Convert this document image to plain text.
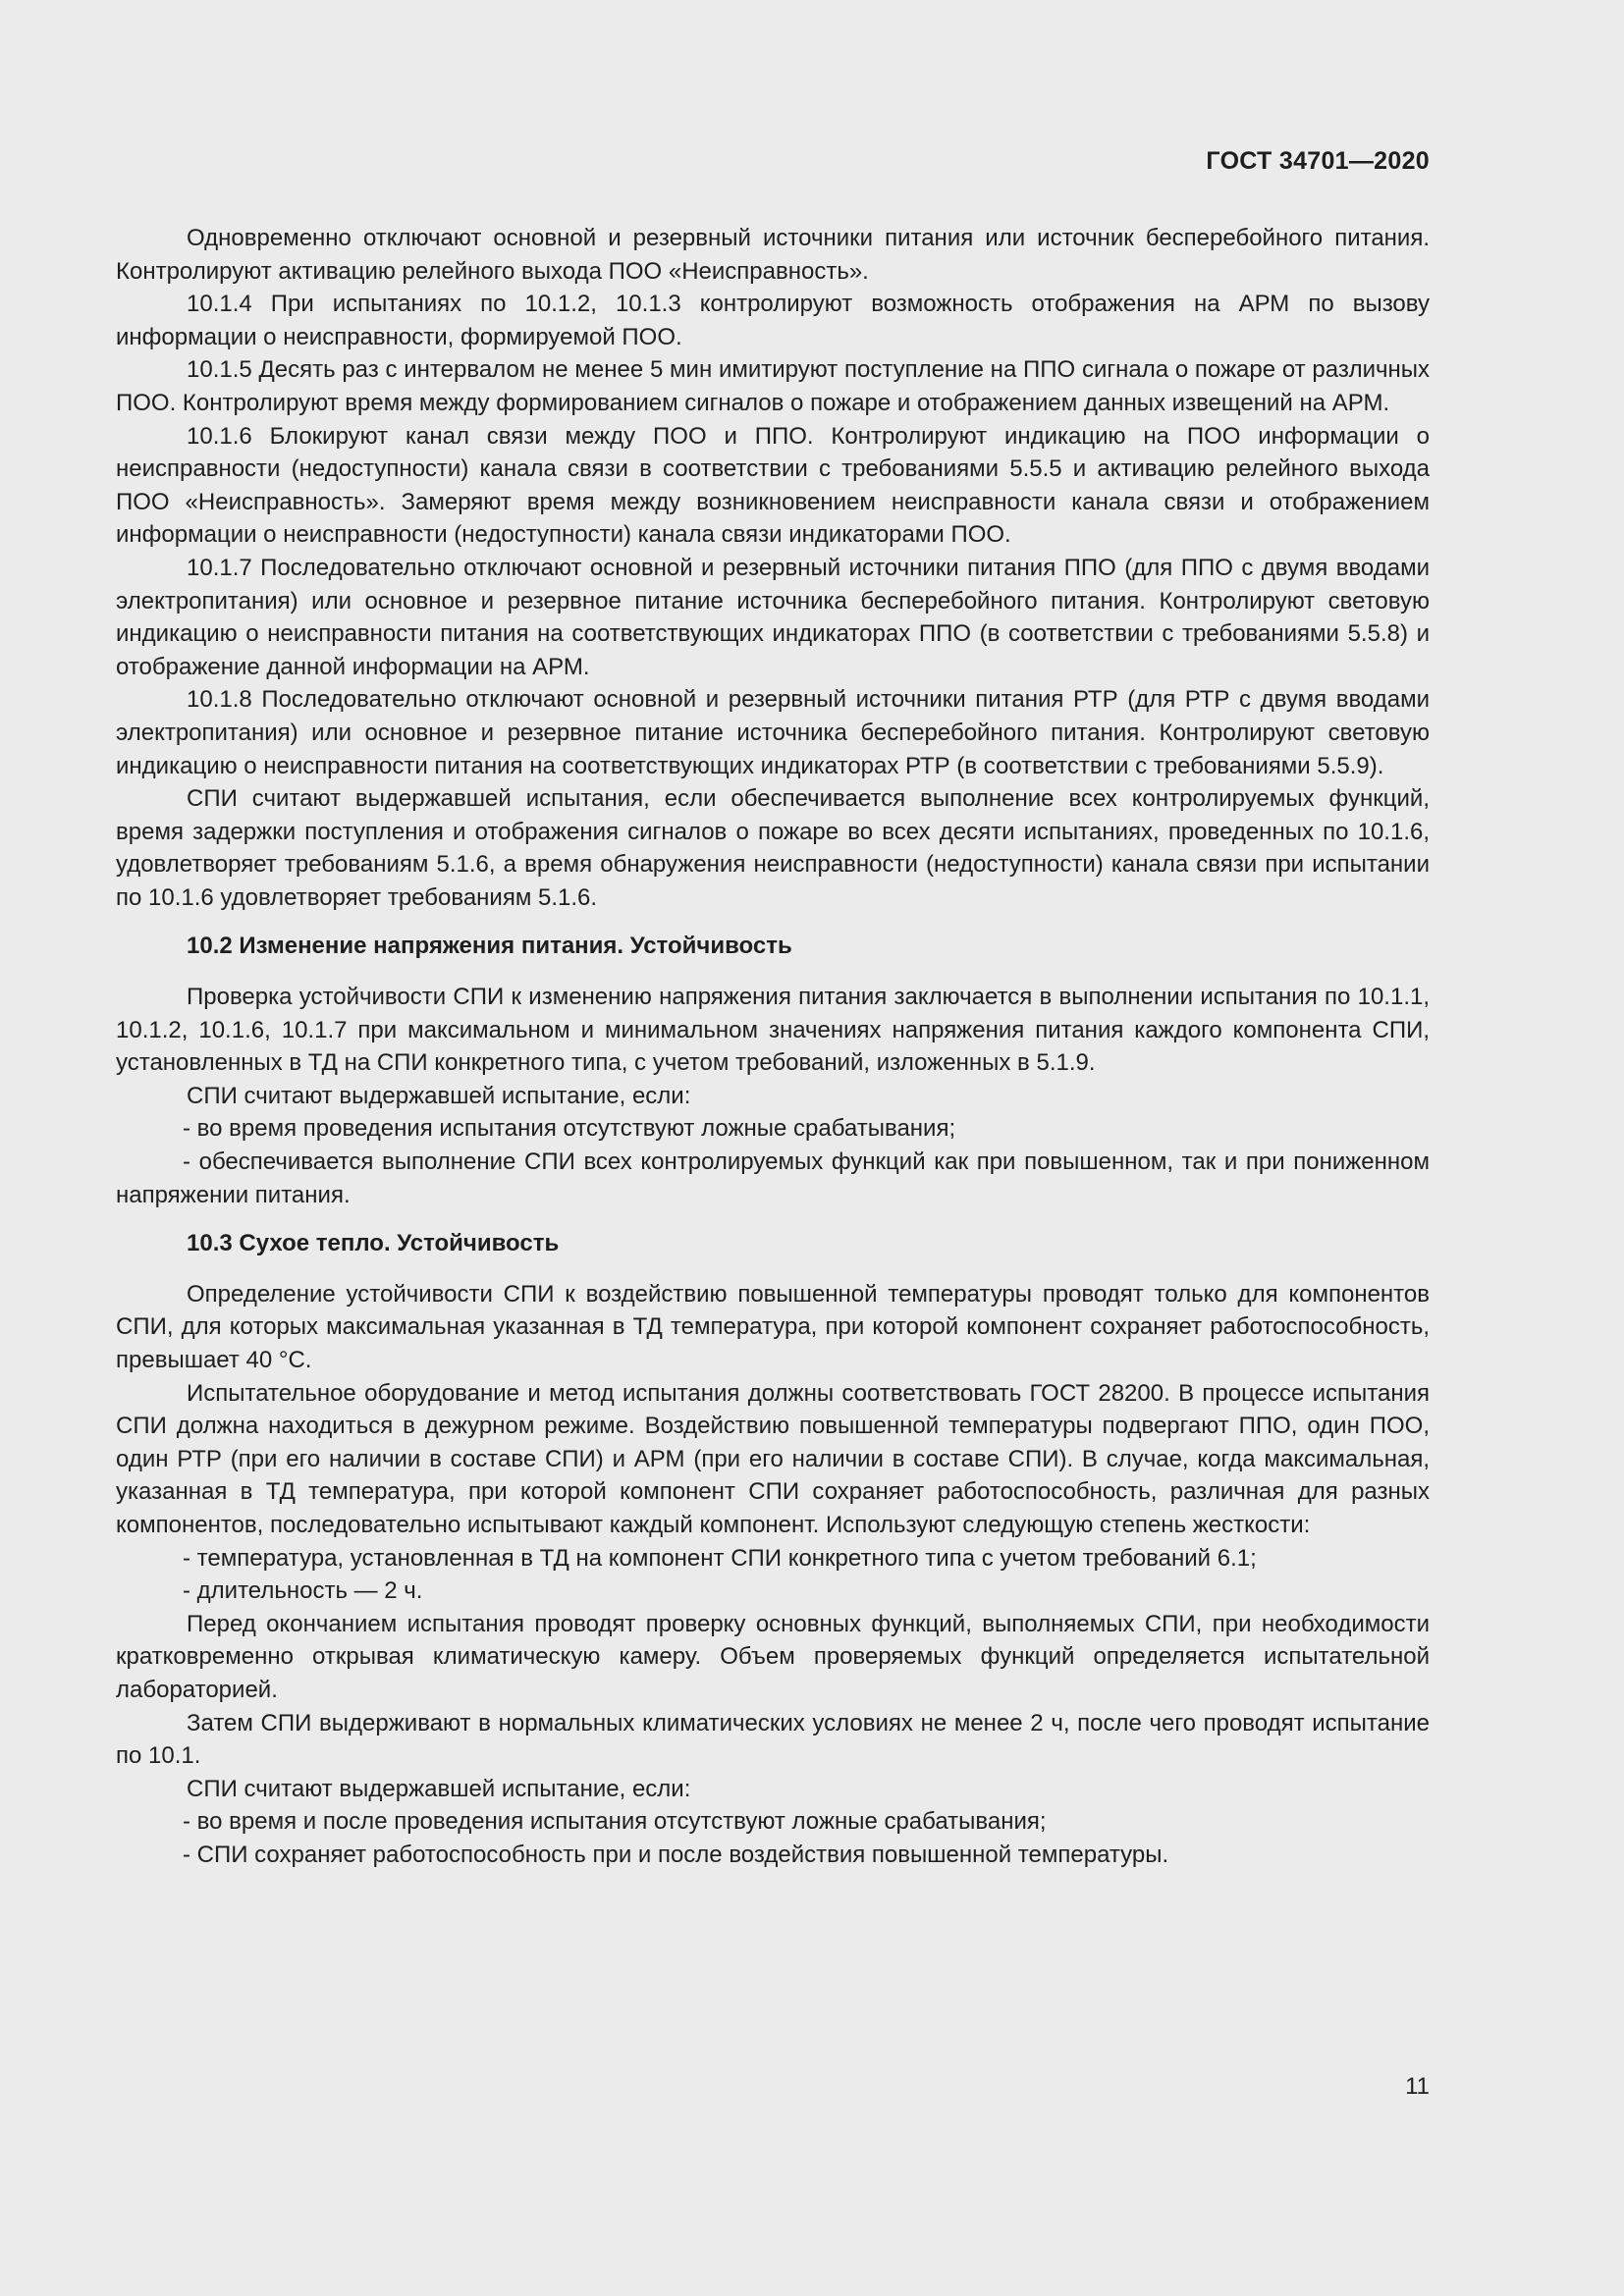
ГОСТ 34701—2020

Одновременно отключают основной и резервный источники питания или источник бесперебойного питания. Контролируют активацию релейного выхода ПОО «Неисправность».

10.1.4 При испытаниях по 10.1.2, 10.1.3 контролируют возможность отображения на АРМ по вызову информации о неисправности, формируемой ПОО.

10.1.5 Десять раз с интервалом не менее 5 мин имитируют поступление на ППО сигнала о пожаре от различных ПОО. Контролируют время между формированием сигналов о пожаре и отображением данных извещений на АРМ.

10.1.6 Блокируют канал связи между ПОО и ППО. Контролируют индикацию на ПОО информации о неисправности (недоступности) канала связи в соответствии с требованиями 5.5.5 и активацию релейного выхода ПОО «Неисправность». Замеряют время между возникновением неисправности канала связи и отображением информации о неисправности (недоступности) канала связи индикаторами ПОО.

10.1.7 Последовательно отключают основной и резервный источники питания ППО (для ППО с двумя вводами электропитания) или основное и резервное питание источника бесперебойного питания. Контролируют световую индикацию о неисправности питания на соответствующих индикаторах ППО (в соответствии с требованиями 5.5.8) и отображение данной информации на АРМ.

10.1.8 Последовательно отключают основной и резервный источники питания РТР (для РТР с двумя вводами электропитания) или основное и резервное питание источника бесперебойного питания. Контролируют световую индикацию о неисправности питания на соответствующих индикаторах РТР (в соответствии с требованиями 5.5.9).

СПИ считают выдержавшей испытания, если обеспечивается выполнение всех контролируемых функций, время задержки поступления и отображения сигналов о пожаре во всех десяти испытаниях, проведенных по 10.1.6, удовлетворяет требованиям 5.1.6, а время обнаружения неисправности (недоступности) канала связи при испытании по 10.1.6 удовлетворяет требованиям 5.1.6.

10.2 Изменение напряжения питания. Устойчивость

Проверка устойчивости СПИ к изменению напряжения питания заключается в выполнении испытания по 10.1.1, 10.1.2, 10.1.6, 10.1.7 при максимальном и минимальном значениях напряжения питания каждого компонента СПИ, установленных в ТД на СПИ конкретного типа, с учетом требований, изложенных в 5.1.9.

СПИ считают выдержавшей испытание, если:

- во время проведения испытания отсутствуют ложные срабатывания;

- обеспечивается выполнение СПИ всех контролируемых функций как при повышенном, так и при пониженном напряжении питания.

10.3 Сухое тепло. Устойчивость

Определение устойчивости СПИ к воздействию повышенной температуры проводят только для компонентов СПИ, для которых максимальная указанная в ТД температура, при которой компонент сохраняет работоспособность, превышает 40 °С.

Испытательное оборудование и метод испытания должны соответствовать ГОСТ 28200. В процессе испытания СПИ должна находиться в дежурном режиме. Воздействию повышенной температуры подвергают ППО, один ПОО, один РТР (при его наличии в составе СПИ) и АРМ (при его наличии в составе СПИ). В случае, когда максимальная, указанная в ТД температура, при которой компонент СПИ сохраняет работоспособность, различная для разных компонентов, последовательно испытывают каждый компонент. Используют следующую степень жесткости:

- температура, установленная в ТД на компонент СПИ конкретного типа с учетом требований 6.1;

- длительность — 2 ч.

Перед окончанием испытания проводят проверку основных функций, выполняемых СПИ, при необходимости кратковременно открывая климатическую камеру. Объем проверяемых функций определяется испытательной лабораторией.

Затем СПИ выдерживают в нормальных климатических условиях не менее 2 ч, после чего проводят испытание по 10.1.

СПИ считают выдержавшей испытание, если:

- во время и после проведения испытания отсутствуют ложные срабатывания;

- СПИ сохраняет работоспособность при и после воздействия повышенной температуры.

11
